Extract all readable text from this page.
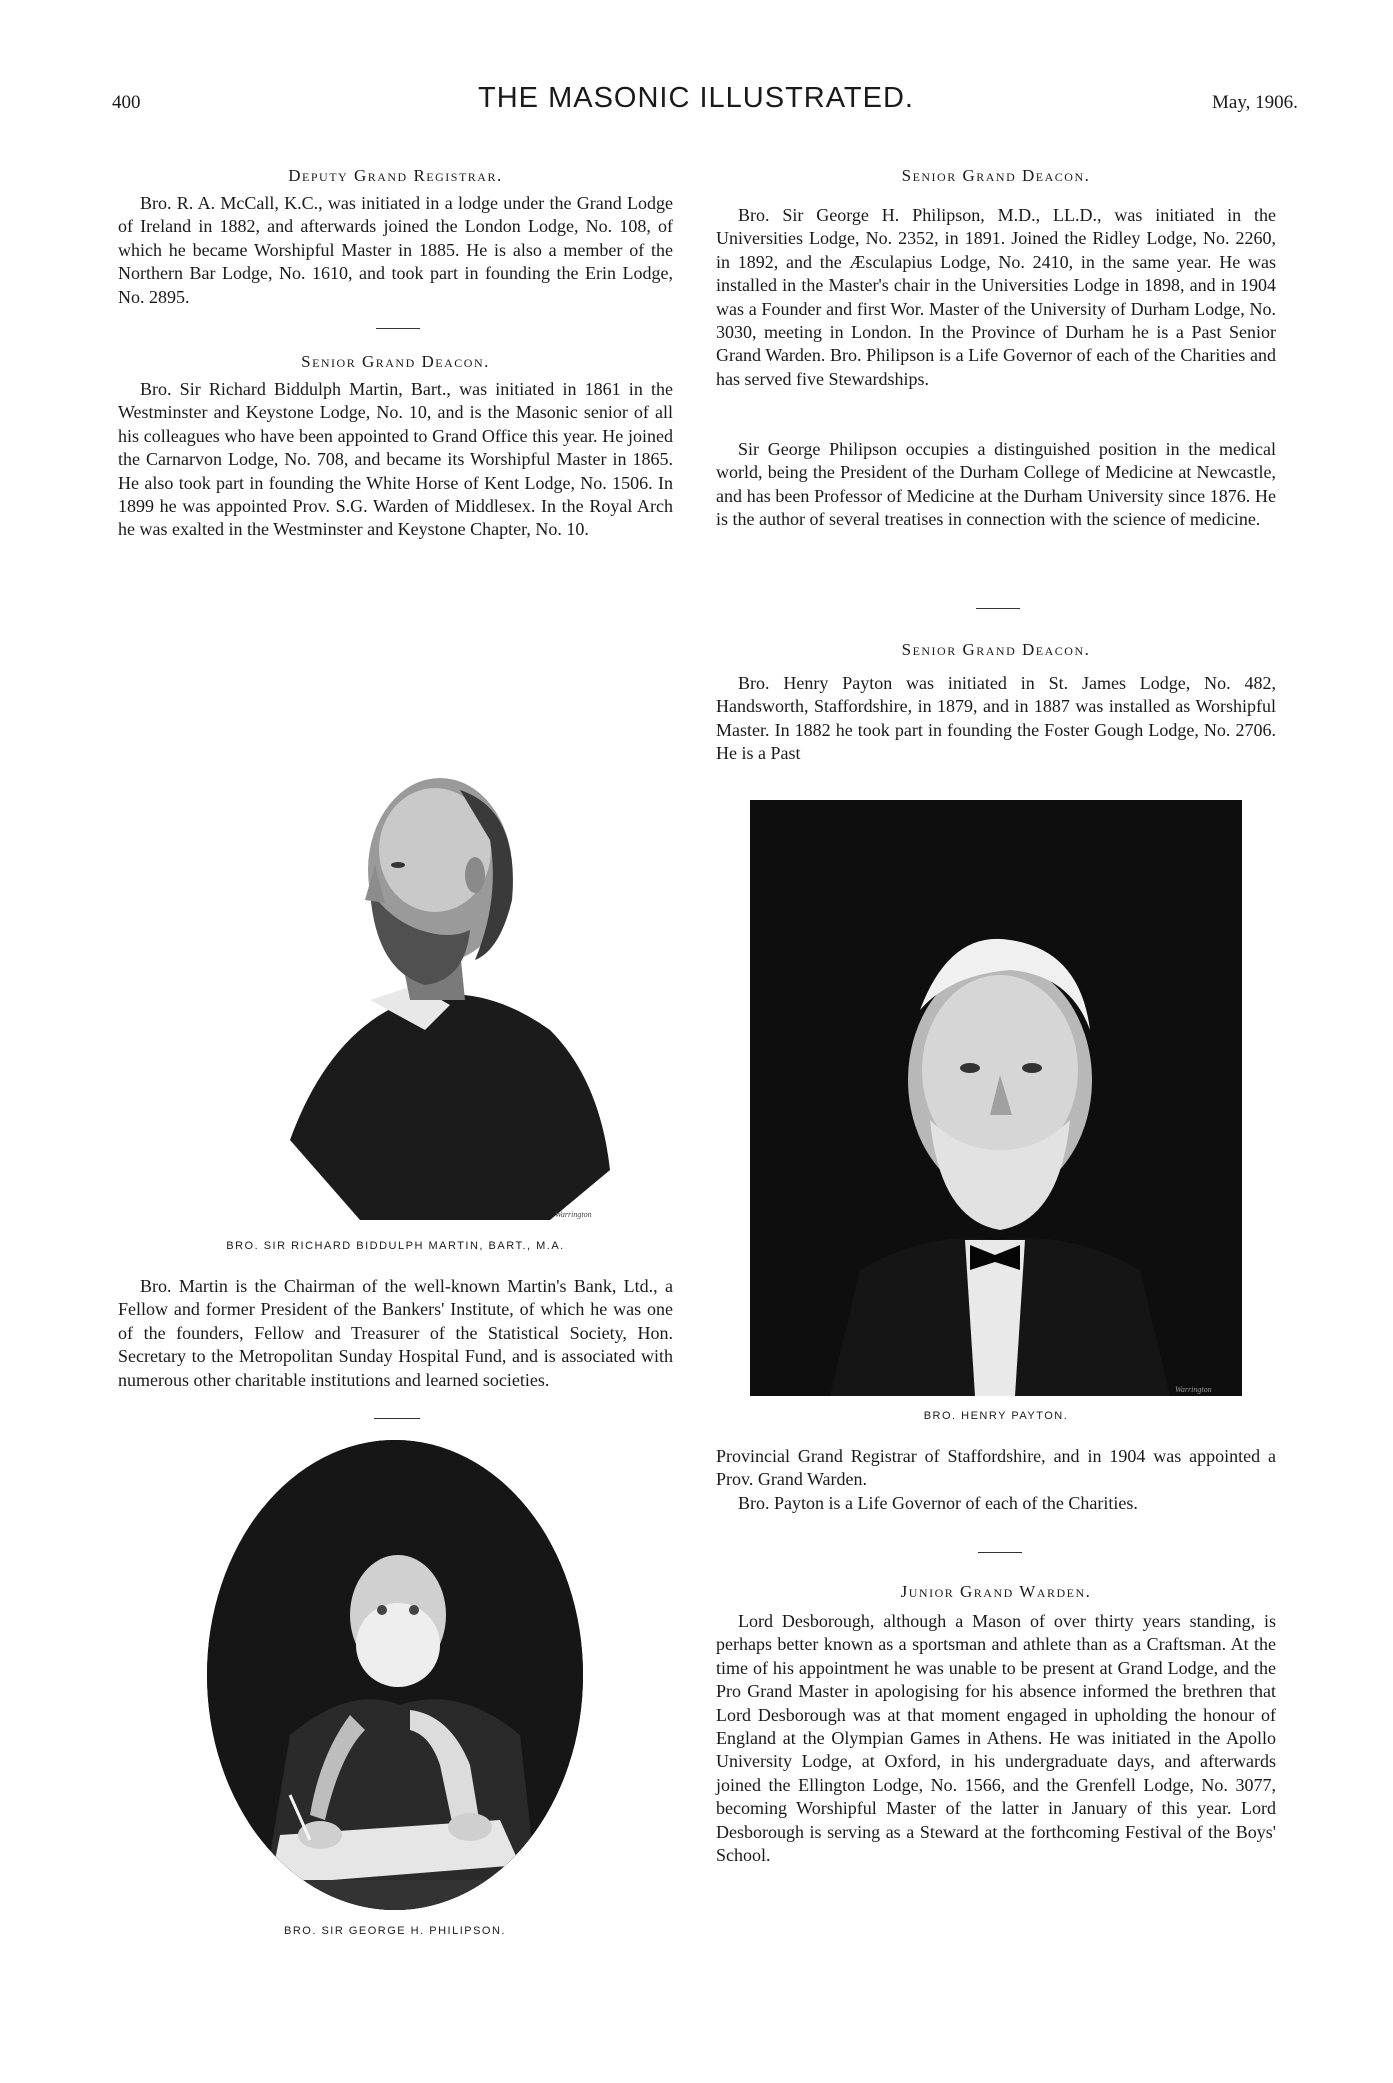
400	THE MASONIC ILLUSTRATED.	May, 1906.
Deputy Grand Registrar.

Bro. R. A. McCall, K.C., was initiated in a lodge under the Grand Lodge of Ireland in 1882, and afterwards joined the London Lodge, No. 108, of which he became Worshipful Master in 1885. He is also a member of the Northern Bar Lodge, No. 1610, and took part in founding the Erin Lodge, No. 2895.

Senior Grand Deacon.

Bro. Sir Richard Biddulph Martin, Bart., was initiated in 1861 in the Westminster and Keystone Lodge, No. 10, and is the Masonic senior of all his colleagues who have been appointed to Grand Office this year. He joined the Carnarvon Lodge, No. 708, and became its Worshipful Master in 1865. He also took part in founding the White Horse of Kent Lodge, No. 1506. In 1899 he was appointed Prov. S.G. Warden of Middlesex. In the Royal Arch he was exalted in the Westminster and Keystone Chapter, No. 10.

Warrington
BRO. SIR RICHARD BIDDULPH MARTIN, BART., M.A.

Bro. Martin is the Chairman of the well-known Martin's Bank, Ltd., a Fellow and former President of the Bankers' Institute, of which he was one of the founders, Fellow and Treasurer of the Statistical Society, Hon. Secretary to the Metropolitan Sunday Hospital Fund, and is associated with numerous other charitable institutions and learned societies.

BRO. SIR GEORGE H. PHILIPSON.
Senior Grand Deacon.

Bro. Sir George H. Philipson, M.D., LL.D., was initiated in the Universities Lodge, No. 2352, in 1891. Joined the Ridley Lodge, No. 2260, in 1892, and the Æsculapius Lodge, No. 2410, in the same year. He was installed in the Master's chair in the Universities Lodge in 1898, and in 1904 was a Founder and first Wor. Master of the University of Durham Lodge, No. 3030, meeting in London. In the Province of Durham he is a Past Senior Grand Warden. Bro. Philipson is a Life Governor of each of the Charities and has served five Stewardships.

Sir George Philipson occupies a distinguished position in the medical world, being the President of the Durham College of Medicine at Newcastle, and has been Professor of Medicine at the Durham University since 1876. He is the author of several treatises in connection with the science of medicine.

Senior Grand Deacon.

Bro. Henry Payton was initiated in St. James Lodge, No. 482, Handsworth, Staffordshire, in 1879, and in 1887 was installed as Worshipful Master. In 1882 he took part in founding the Foster Gough Lodge, No. 2706. He is a Past

Warrington
BRO. HENRY PAYTON.

Provincial Grand Registrar of Staffordshire, and in 1904 was appointed a Prov. Grand Warden.

Bro. Payton is a Life Governor of each of the Charities.

Junior Grand Warden.

Lord Desborough, although a Mason of over thirty years standing, is perhaps better known as a sportsman and athlete than as a Craftsman. At the time of his appointment he was unable to be present at Grand Lodge, and the Pro Grand Master in apologising for his absence informed the brethren that Lord Desborough was at that moment engaged in upholding the honour of England at the Olympian Games in Athens. He was initiated in the Apollo University Lodge, at Oxford, in his undergraduate days, and afterwards joined the Ellington Lodge, No. 1566, and the Grenfell Lodge, No. 3077, becoming Worshipful Master of the latter in January of this year. Lord Desborough is serving as a Steward at the forthcoming Festival of the Boys' School.
